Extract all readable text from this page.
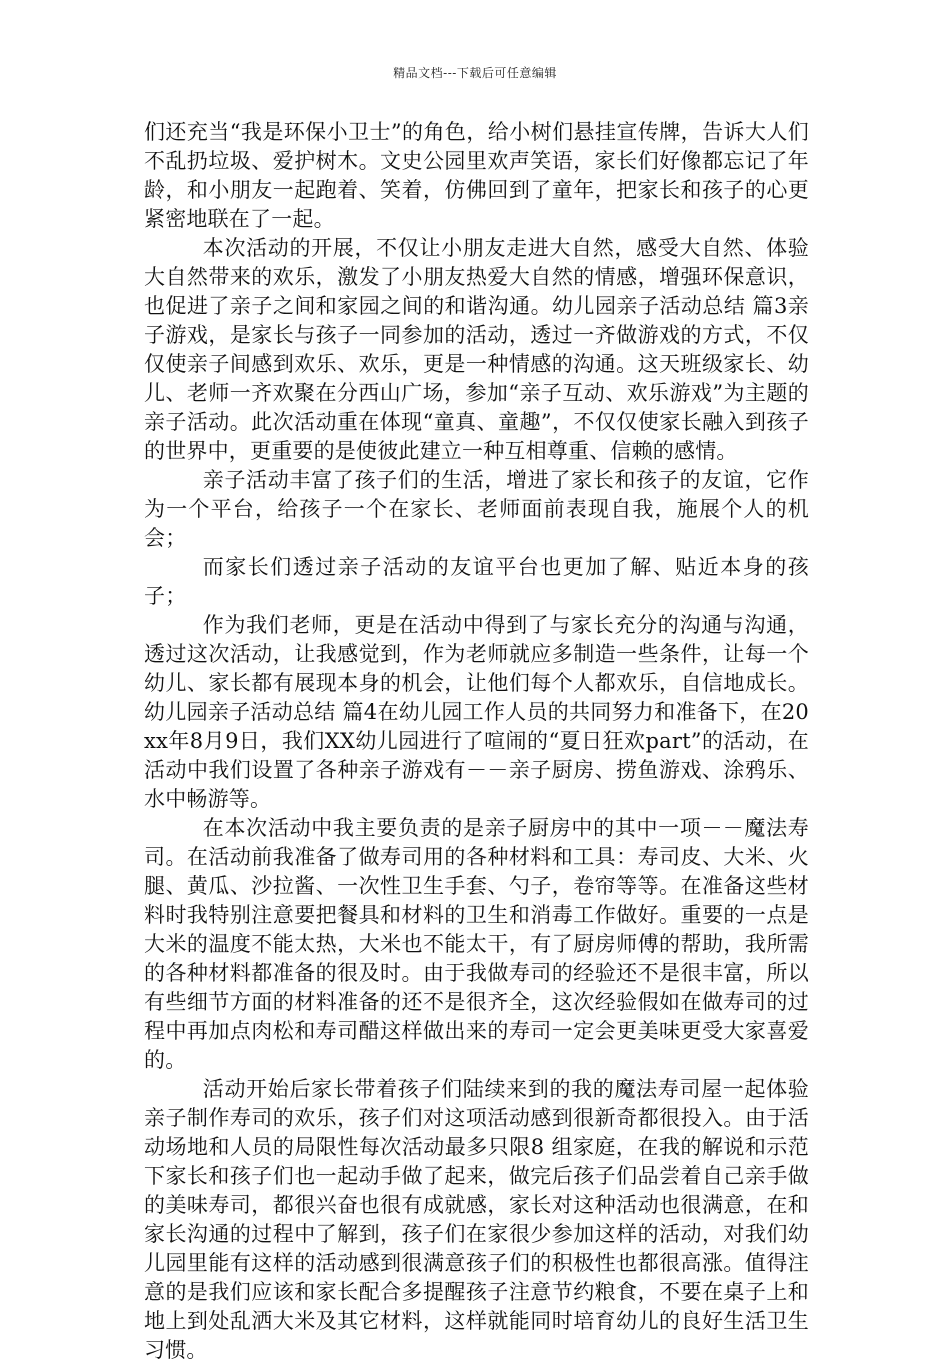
精品文档---下载后可任意编辑

们还充当“我是环保小卫士”的角色，给小树们悬挂宣传牌，告诉大人们不乱扔垃圾、爱护树木。文史公园里欢声笑语，家长们好像都忘记了年龄，和小朋友一起跑着、笑着，仿佛回到了童年，把家长和孩子的心更紧密地联在了一起。

本次活动的开展，不仅让小朋友走进大自然，感受大自然、体验大自然带来的欢乐，激发了小朋友热爱大自然的情感，增强环保意识，也促进了亲子之间和家园之间的和谐沟通。幼儿园亲子活动总结 篇3亲子游戏，是家长与孩子一同参加的活动，透过一齐做游戏的方式，不仅仅使亲子间感到欢乐、欢乐，更是一种情感的沟通。这天班级家长、幼儿、老师一齐欢聚在分西山广场，参加“亲子互动、欢乐游戏”为主题的亲子活动。此次活动重在体现“童真、童趣”，不仅仅使家长融入到孩子的世界中，更重要的是使彼此建立一种互相尊重、信赖的感情。

亲子活动丰富了孩子们的生活，增进了家长和孩子的友谊，它作为一个平台，给孩子一个在家长、老师面前表现自我，施展个人的机会；

而家长们透过亲子活动的友谊平台也更加了解、贴近本身的孩子；

作为我们老师，更是在活动中得到了与家长充分的沟通与沟通，透过这次活动，让我感觉到，作为老师就应多制造一些条件，让每一个幼儿、家长都有展现本身的机会，让他们每个人都欢乐，自信地成长。幼儿园亲子活动总结 篇4在幼儿园工作人员的共同努力和准备下，在20xx年8月9日，我们XX幼儿园进行了喧闹的“夏日狂欢part”的活动，在活动中我们设置了各种亲子游戏有－－亲子厨房、捞鱼游戏、涂鸦乐、水中畅游等。

在本次活动中我主要负责的是亲子厨房中的其中一项－－魔法寿司。在活动前我准备了做寿司用的各种材料和工具：寿司皮、大米、火腿、黄瓜、沙拉酱、一次性卫生手套、勺子，卷帘等等。在准备这些材料时我特别注意要把餐具和材料的卫生和消毒工作做好。重要的一点是大米的温度不能太热，大米也不能太干，有了厨房师傅的帮助，我所需的各种材料都准备的很及时。由于我做寿司的经验还不是很丰富，所以有些细节方面的材料准备的还不是很齐全，这次经验假如在做寿司的过程中再加点肉松和寿司醋这样做出来的寿司一定会更美味更受大家喜爱的。

活动开始后家长带着孩子们陆续来到的我的魔法寿司屋一起体验亲子制作寿司的欢乐，孩子们对这项活动感到很新奇都很投入。由于活动场地和人员的局限性每次活动最多只限8 组家庭，在我的解说和示范下家长和孩子们也一起动手做了起来，做完后孩子们品尝着自己亲手做的美味寿司，都很兴奋也很有成就感，家长对这种活动也很满意，在和家长沟通的过程中了解到，孩子们在家很少参加这样的活动，对我们幼儿园里能有这样的活动感到很满意孩子们的积极性也都很高涨。值得注意的是我们应该和家长配合多提醒孩子注意节约粮食，不要在桌子上和地上到处乱洒大米及其它材料，这样就能同时培育幼儿的良好生活卫生习惯。
